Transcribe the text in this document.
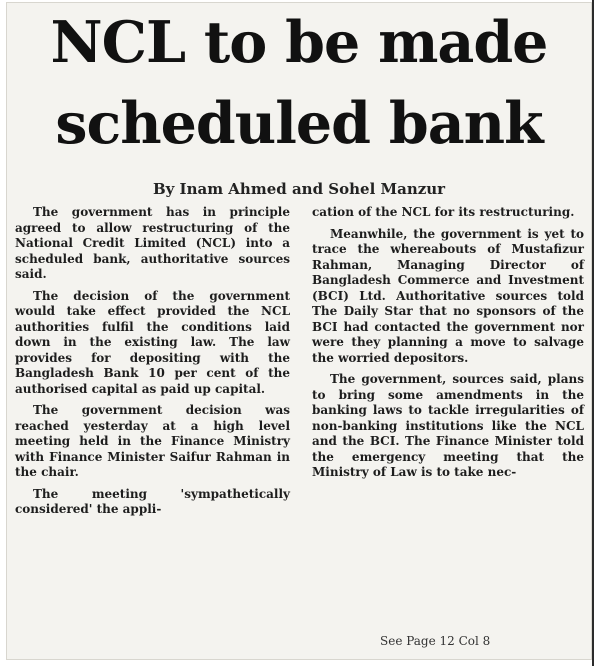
NCL to be made
scheduled bank
By Inam Ahmed and Sohel Manzur

The government has in principle agreed to allow restructuring of the National Credit Limited (NCL) into a scheduled bank, authoritative sources said.

The decision of the government would take effect provided the NCL authorities fulfil the conditions laid down in the existing law. The law provides for depositing with the Bangladesh Bank 10 per cent of the authorised capital as paid up capital.

The government decision was reached yesterday at a high level meeting held in the Finance Ministry with Finance Minister Saifur Rahman in the chair.

The meeting 'sympathetically considered' the appli-

cation of the NCL for its restructuring.

Meanwhile, the government is yet to trace the whereabouts of Mustafizur Rahman, Managing Director of Bangladesh Commerce and Investment (BCI) Ltd. Authoritative sources told The Daily Star that no sponsors of the BCI had contacted the government nor were they planning a move to salvage the worried depositors.

The government, sources said, plans to bring some amendments in the banking laws to tackle irregularities of non-banking institutions like the NCL and the BCI. The Finance Minister told the emergency meeting that the Ministry of Law is to take nec-

See Page 12 Col 8
